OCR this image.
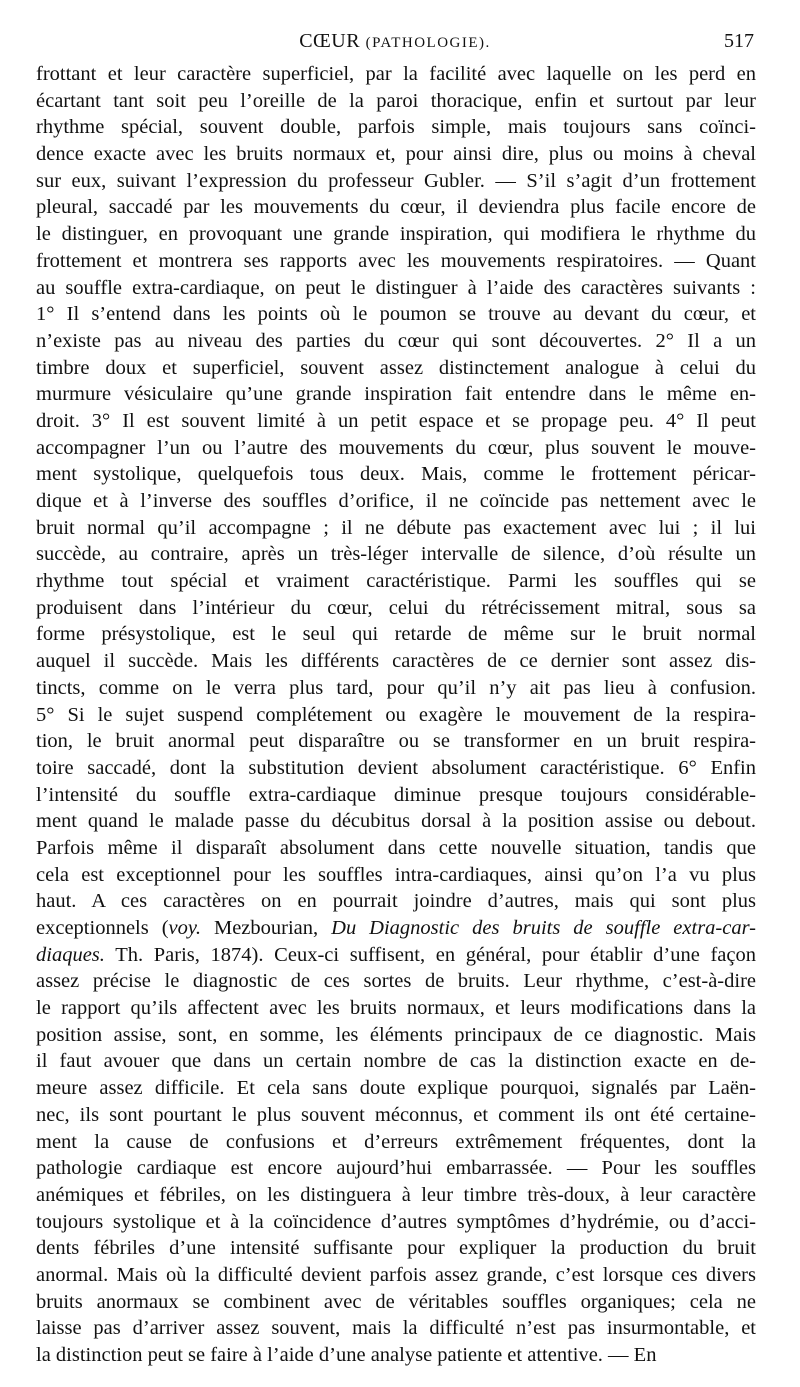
CŒUR (PATHOLOGIE).	517
frottant et leur caractère superficiel, par la facilité avec laquelle on les perd en
écartant tant soit peu l’oreille de la paroi thoracique, enfin et surtout par leur
rhythme spécial, souvent double, parfois simple, mais toujours sans coïnci-
dence exacte avec les bruits normaux et, pour ainsi dire, plus ou moins à cheval
sur eux, suivant l’expression du professeur Gubler. — S’il s’agit d’un frottement
pleural, saccadé par les mouvements du cœur, il deviendra plus facile encore de
le distinguer, en provoquant une grande inspiration, qui modifiera le rhythme du
frottement et montrera ses rapports avec les mouvements respiratoires. — Quant
au souffle extra-cardiaque, on peut le distinguer à l’aide des caractères suivants :
1° Il s’entend dans les points où le poumon se trouve au devant du cœur, et
n’existe pas au niveau des parties du cœur qui sont découvertes. 2° Il a un
timbre doux et superficiel, souvent assez distinctement analogue à celui du
murmure vésiculaire qu’une grande inspiration fait entendre dans le même en-
droit. 3° Il est souvent limité à un petit espace et se propage peu. 4° Il peut
accompagner l’un ou l’autre des mouvements du cœur, plus souvent le mouve-
ment systolique, quelquefois tous deux. Mais, comme le frottement péricar-
dique et à l’inverse des souffles d’orifice, il ne coïncide pas nettement avec le
bruit normal qu’il accompagne ; il ne débute pas exactement avec lui ; il lui
succède, au contraire, après un très-léger intervalle de silence, d’où résulte un
rhythme tout spécial et vraiment caractéristique. Parmi les souffles qui se
produisent dans l’intérieur du cœur, celui du rétrécissement mitral, sous sa
forme présystolique, est le seul qui retarde de même sur le bruit normal
auquel il succède. Mais les différents caractères de ce dernier sont assez dis-
tincts, comme on le verra plus tard, pour qu’il n’y ait pas lieu à confusion.
5° Si le sujet suspend complétement ou exagère le mouvement de la respira-
tion, le bruit anormal peut disparaître ou se transformer en un bruit respira-
toire saccadé, dont la substitution devient absolument caractéristique. 6° Enfin
l’intensité du souffle extra-cardiaque diminue presque toujours considérable-
ment quand le malade passe du décubitus dorsal à la position assise ou debout.
Parfois même il disparaît absolument dans cette nouvelle situation, tandis que
cela est exceptionnel pour les souffles intra-cardiaques, ainsi qu’on l’a vu plus
haut. A ces caractères on en pourrait joindre d’autres, mais qui sont plus
exceptionnels (voy. Mezbourian, Du Diagnostic des bruits de souffle extra-car-
diaques. Th. Paris, 1874). Ceux-ci suffisent, en général, pour établir d’une façon
assez précise le diagnostic de ces sortes de bruits. Leur rhythme, c’est-à-dire
le rapport qu’ils affectent avec les bruits normaux, et leurs modifications dans la
position assise, sont, en somme, les éléments principaux de ce diagnostic. Mais
il faut avouer que dans un certain nombre de cas la distinction exacte en de-
meure assez difficile. Et cela sans doute explique pourquoi, signalés par Laën-
nec, ils sont pourtant le plus souvent méconnus, et comment ils ont été certaine-
ment la cause de confusions et d’erreurs extrêmement fréquentes, dont la
pathologie cardiaque est encore aujourd’hui embarrassée. — Pour les souffles
anémiques et fébriles, on les distinguera à leur timbre très-doux, à leur caractère
toujours systolique et à la coïncidence d’autres symptômes d’hydrémie, ou d’acci-
dents fébriles d’une intensité suffisante pour expliquer la production du bruit
anormal. Mais où la difficulté devient parfois assez grande, c’est lorsque ces divers
bruits anormaux se combinent avec de véritables souffles organiques; cela ne
laisse pas d’arriver assez souvent, mais la difficulté n’est pas insurmontable, et
la distinction peut se faire à l’aide d’une analyse patiente et attentive. — En
